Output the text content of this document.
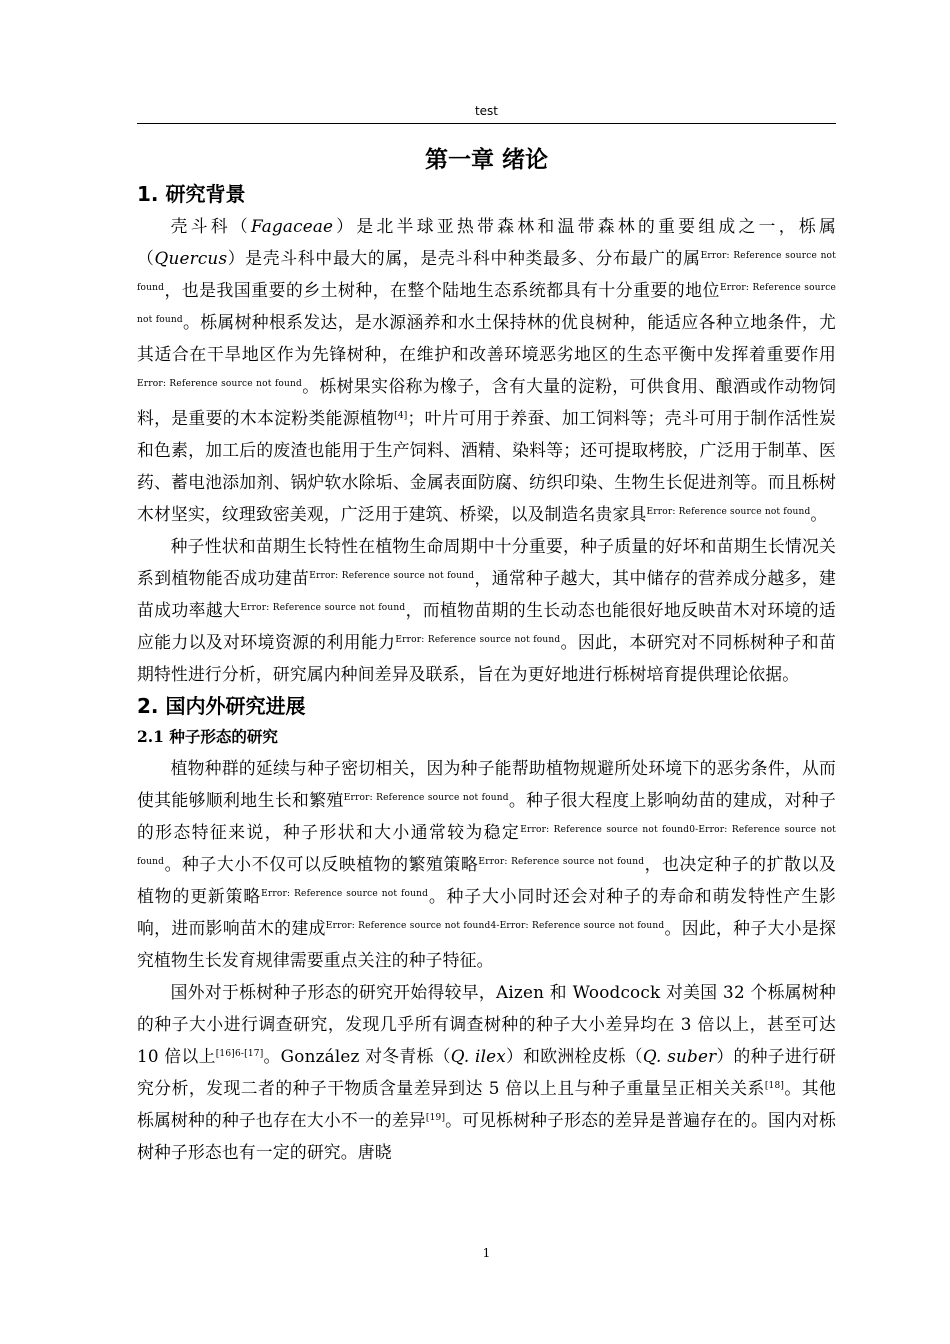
test
第一章 绪论
1. 研究背景

壳斗科（Fagaceae）是北半球亚热带森林和温带森林的重要组成之一，栎属（Quercus）是壳斗科中最大的属，是壳斗科中种类最多、分布最广的属$^{Error: Reference source not found}$，也是我国重要的乡土树种，在整个陆地生态系统都具有十分重要的地位$^{Error: Reference source not found}$。栎属树种根系发达，是水源涵养和水土保持林的优良树种，能适应各种立地条件，尤其适合在干旱地区作为先锋树种，在维护和改善环境恶劣地区的生态平衡中发挥着重要作用$^{Error: Reference source not found}$。栎树果实俗称为橡子，含有大量的淀粉，可供食用、酿酒或作动物饲料，是重要的木本淀粉类能源植物[4]；叶片可用于养蚕、加工饲料等；壳斗可用于制作活性炭和色素，加工后的废渣也能用于生产饲料、酒精、染料等；还可提取栲胶，广泛用于制革、医药、蓄电池添加剂、锅炉软水除垢、金属表面防腐、纺织印染、生物生长促进剂等。而且栎树木材坚实，纹理致密美观，广泛用于建筑、桥梁，以及制造名贵家具$^{Error: Reference source not found}$。

种子性状和苗期生长特性在植物生命周期中十分重要，种子质量的好坏和苗期生长情况关系到植物能否成功建苗$^{Error: Reference source not found}$，通常种子越大，其中储存的营养成分越多，建苗成功率越大$^{Error: Reference source not found}$，而植物苗期的生长动态也能很好地反映苗木对环境的适应能力以及对环境资源的利用能力$^{Error: Reference source not found}$。因此，本研究对不同栎树种子和苗期特性进行分析，研究属内种间差异及联系，旨在为更好地进行栎树培育提供理论依据。

2. 国内外研究进展
2.1 种子形态的研究

植物种群的延续与种子密切相关，因为种子能帮助植物规避所处环境下的恶劣条件，从而使其能够顺利地生长和繁殖$^{Error: Reference source not found}$。种子很大程度上影响幼苗的建成，对种子的形态特征来说，种子形状和大小通常较为稳定$^{Error: Reference source not found0-Error: Reference source not found}$。种子大小不仅可以反映植物的繁殖策略$^{Error: Reference source not found}$，也决定种子的扩散以及植物的更新策略$^{Error: Reference source not found}$。种子大小同时还会对种子的寿命和萌发特性产生影响，进而影响苗木的建成$^{Error: Reference source not found4-Error: Reference source not found}$。因此，种子大小是探究植物生长发育规律需要重点关注的种子特征。

国外对于栎树种子形态的研究开始得较早，Aizen 和 Woodcock 对美国 32 个栎属树种的种子大小进行调查研究，发现几乎所有调查树种的种子大小差异均在 3 倍以上，甚至可达 10 倍以上[16]6-[17]。González 对冬青栎（Q. ilex）和欧洲栓皮栎（Q. suber）的种子进行研究分析，发现二者的种子干物质含量差异到达 5 倍以上且与种子重量呈正相关关系[18]。其他栎属树种的种子也存在大小不一的差异[19]。可见栎树种子形态的差异是普遍存在的。国内对栎树种子形态也有一定的研究。唐晓

1
